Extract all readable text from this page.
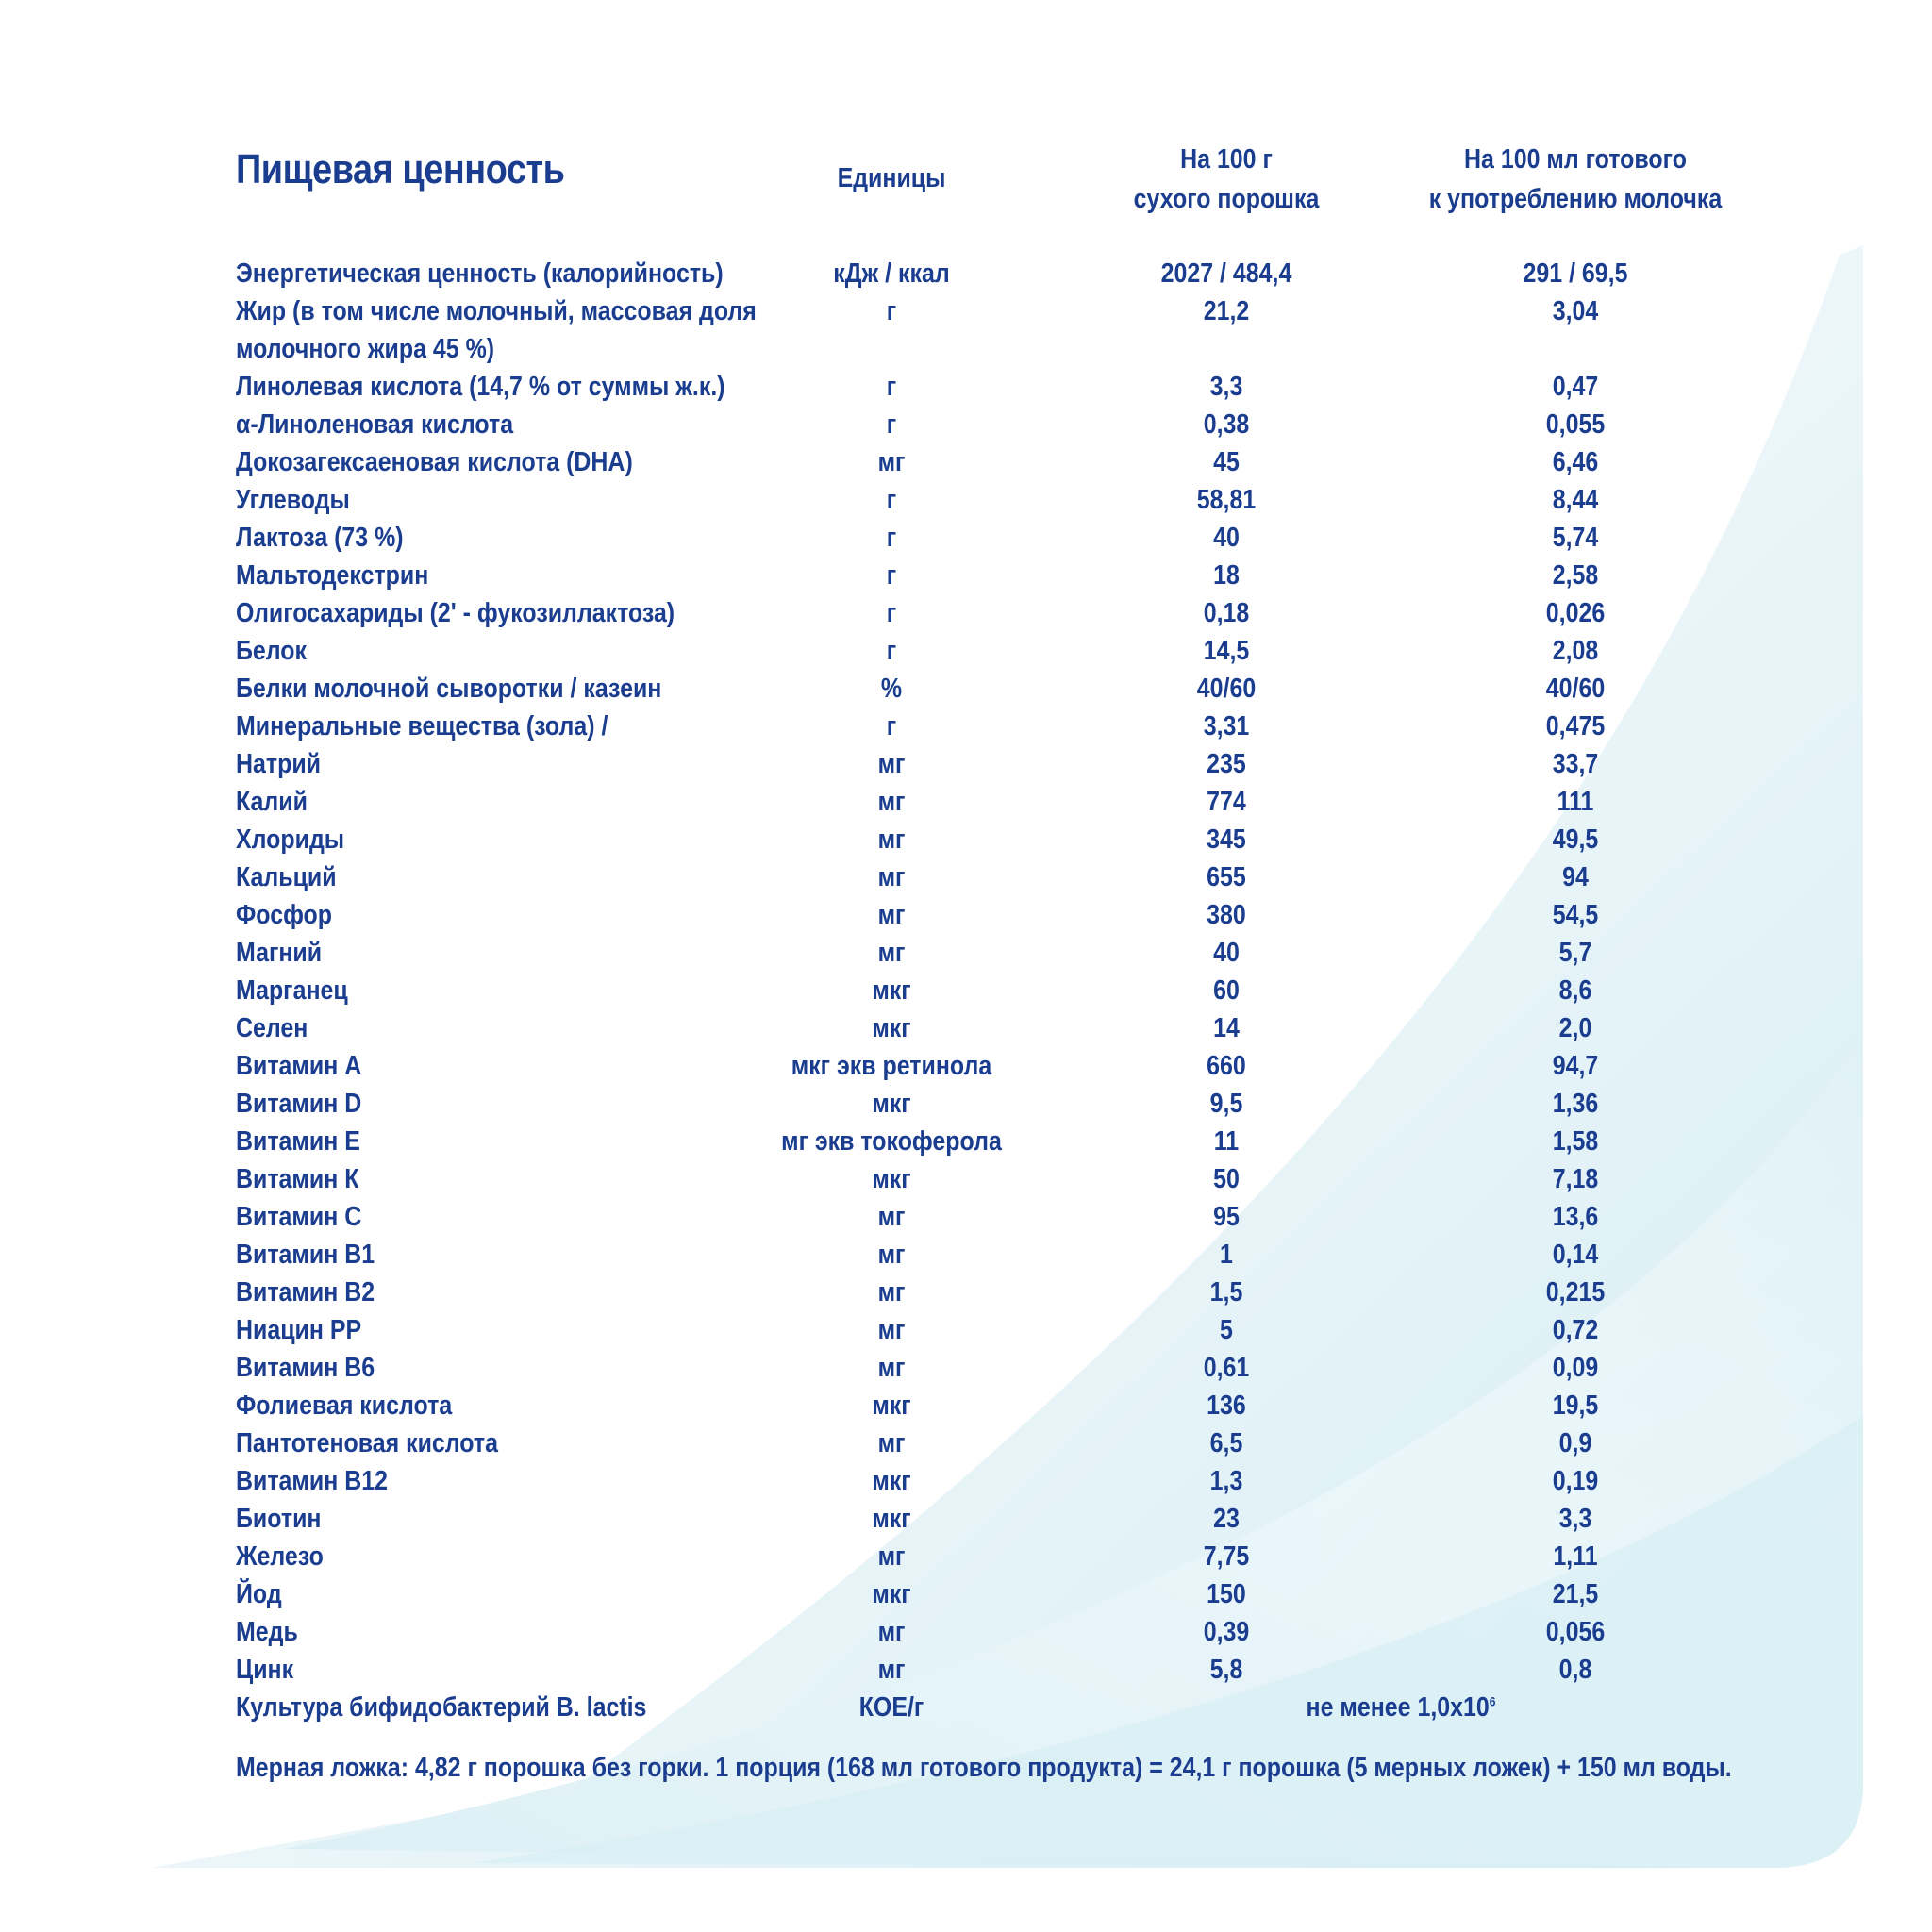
Пищевая ценность	Единицы
На 100 г
сухого порошка
На 100 мл готового
к употреблению молочка
Энергетическая ценность (калорийность)	кДж / ккал	2027 / 484,4	291 / 69,5
Жир (в том числе молочный, массовая доля
молочного жира 45 %)
г	21,2	3,04
Линолевая кислота (14,7 % от суммы ж.к.)	г	3,3	0,47
α-Линоленовая кислота	г	0,38	0,055
Докозагексаеновая кислота (DHA)	мг	45	6,46
Углеводы	г	58,81	8,44
Лактоза (73 %)	г	40	5,74
Мальтодекстрин	г	18	2,58
Олигосахариды (2' - фукозиллактоза)	г	0,18	0,026
Белок	г	14,5	2,08
Белки молочной сыворотки / казеин	%	40/60	40/60
Минеральные вещества (зола) /	г	3,31	0,475
Натрий	мг	235	33,7
Калий	мг	774	111
Хлориды	мг	345	49,5
Кальций	мг	655	94
Фосфор	мг	380	54,5
Магний	мг	40	5,7
Марганец	мкг	60	8,6
Селен	мкг	14	2,0
Витамин A	мкг экв ретинола	660	94,7
Витамин D	мкг	9,5	1,36
Витамин E	мг экв токоферола	11	1,58
Витамин К	мкг	50	7,18
Витамин C	мг	95	13,6
Витамин B1	мг	1	0,14
Витамин B2	мг	1,5	0,215
Ниацин PP	мг	5	0,72
Витамин B6	мг	0,61	0,09
Фолиевая кислота	мкг	136	19,5
Пантотеновая кислота	мг	6,5	0,9
Витамин B12	мкг	1,3	0,19
Биотин	мкг	23	3,3
Железо	мг	7,75	1,11
Йод	мкг	150	21,5
Медь	мг	0,39	0,056
Цинк	мг	5,8	0,8
Культура бифидобактерий B. lactis	КОЕ/г	не менее $1,0x10^6$
Мерная ложка: 4,82 г порошка без горки. 1 порция (168 мл готового продукта) = 24,1 г порошка (5 мерных ложек) + 150 мл воды.
